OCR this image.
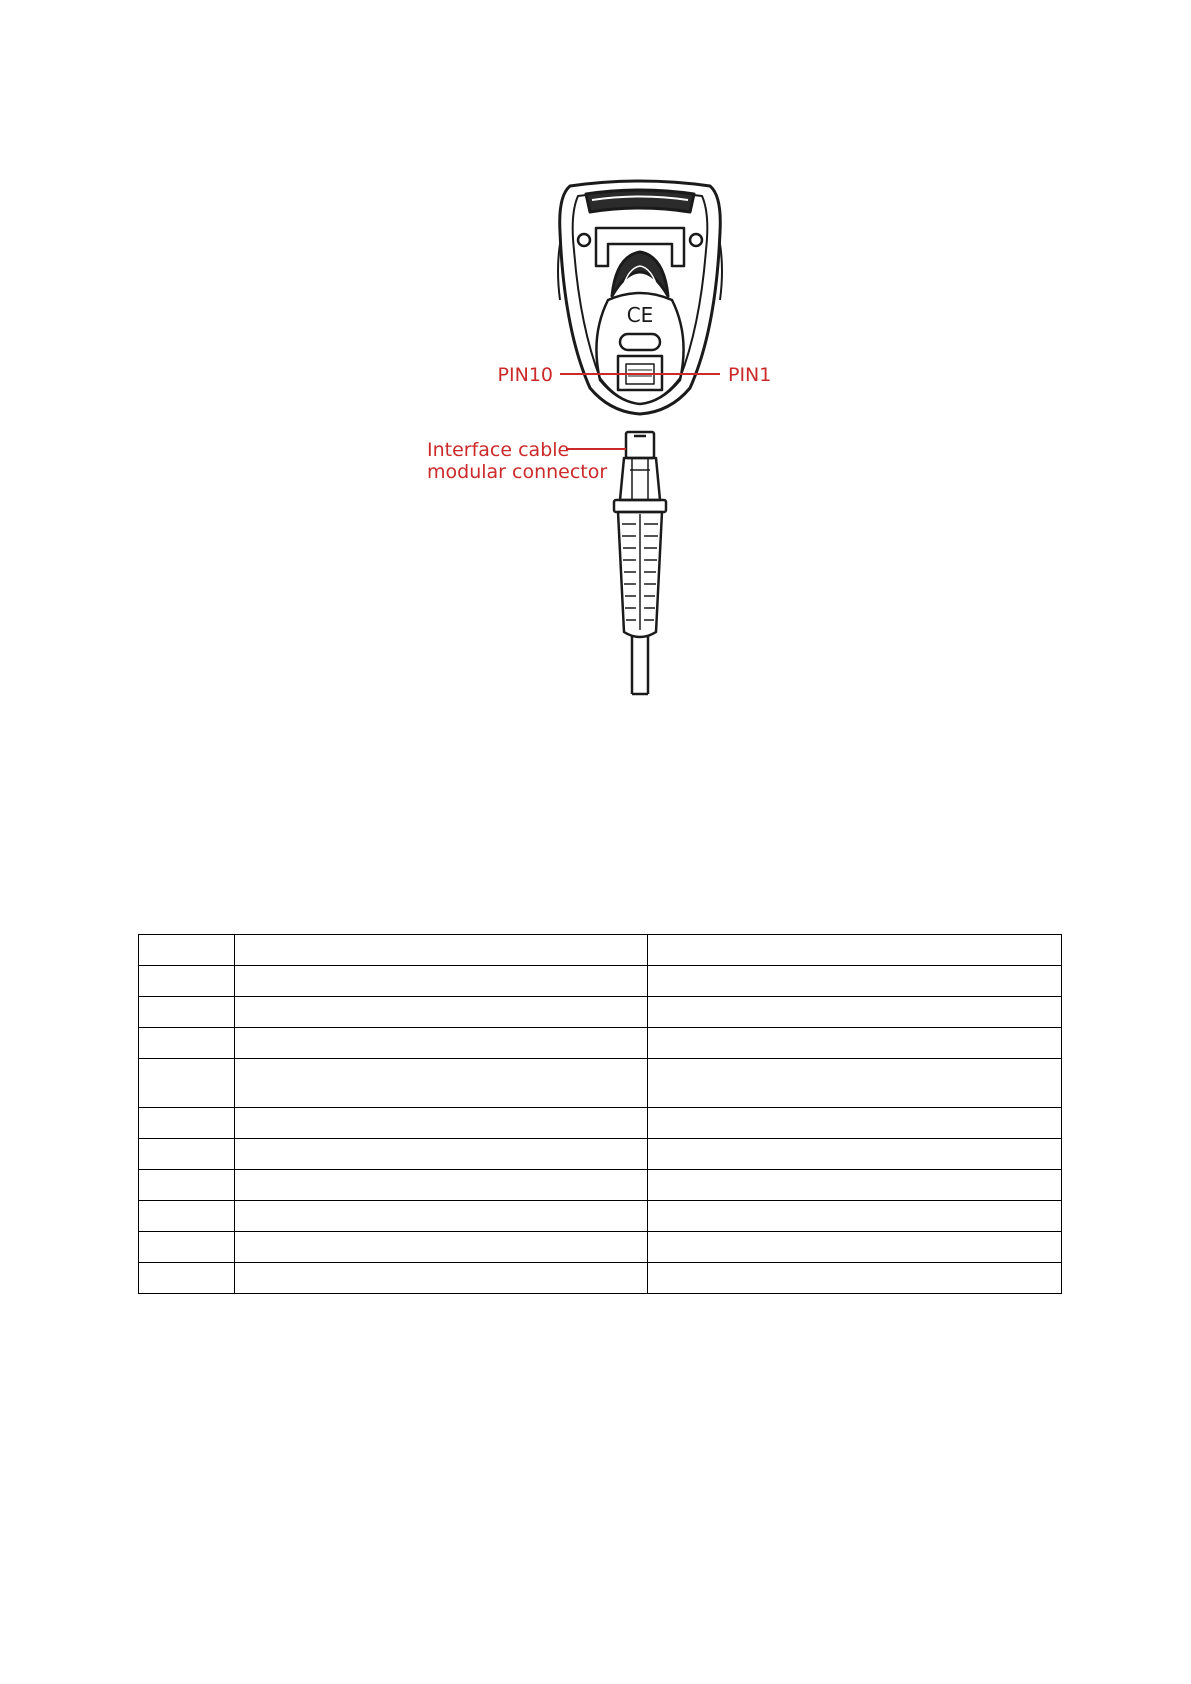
CE
PIN10	PIN1
Interface cable
modular connector
